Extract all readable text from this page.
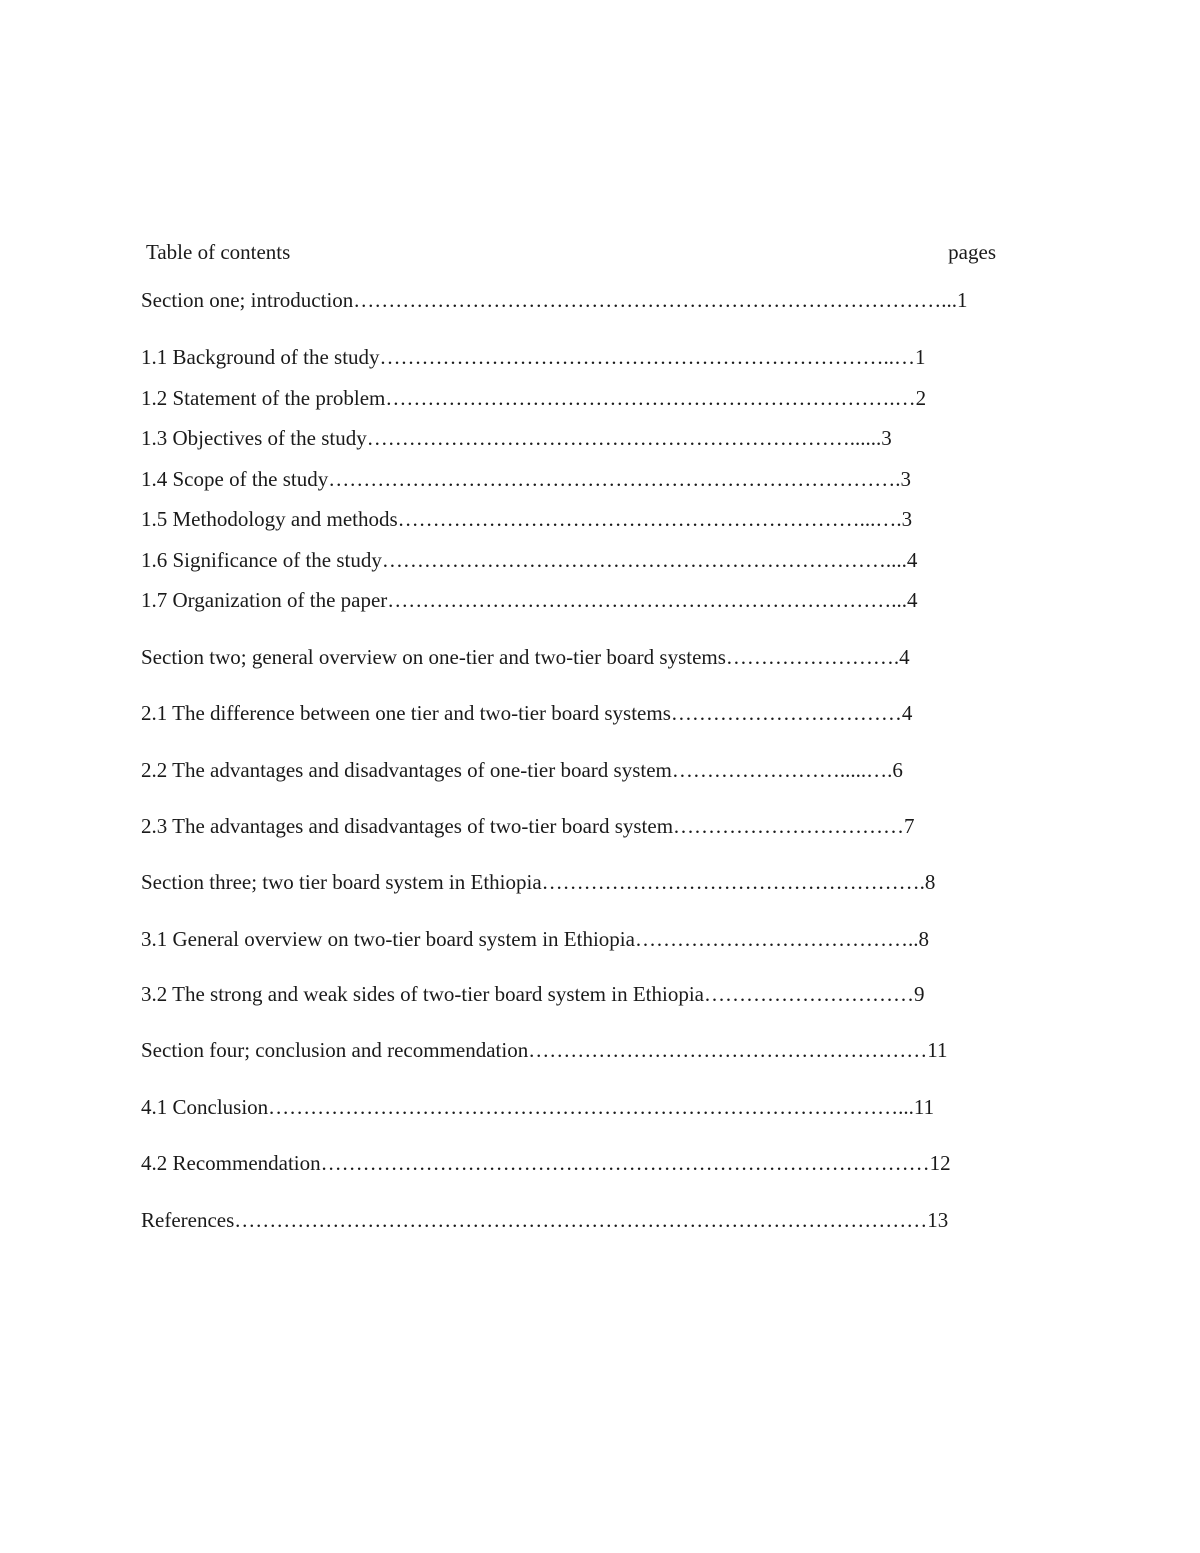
Table of contents	pages
Section one; introduction…………………………………………………………………………...1
1.1 Background of the study………………………………………………………………..…1
1.2 Statement of the problem……………………………………………………………….…2
1.3 Objectives of the study……………………………………………………………......3
1.4 Scope of the study……………………………………………………………………….3
1.5 Methodology and methods…………………………………………………………...….3
1.6 Significance of the study………………………………………………………………....4
1.7 Organization of the paper………………………………………………………………...4
Section two; general overview on one-tier and two-tier board systems…………………….4
2.1 The difference between one tier and two-tier board systems……………………………4
2.2 The advantages and disadvantages of one-tier board system…………………….....….6
2.3 The advantages and disadvantages of two-tier board system……………………………7
Section three; two tier board system in Ethiopia……………………………………………….8
3.1 General overview on two-tier board system in Ethiopia…………………………………..8
3.2 The strong and weak sides of two-tier board system in Ethiopia…………………………9
Section four; conclusion and recommendation…………………………………………………11
4.1 Conclusion………………………………………………………………………………...11
4.2 Recommendation……………………………………………………………………………12
References………………………………………………………………………………………13
